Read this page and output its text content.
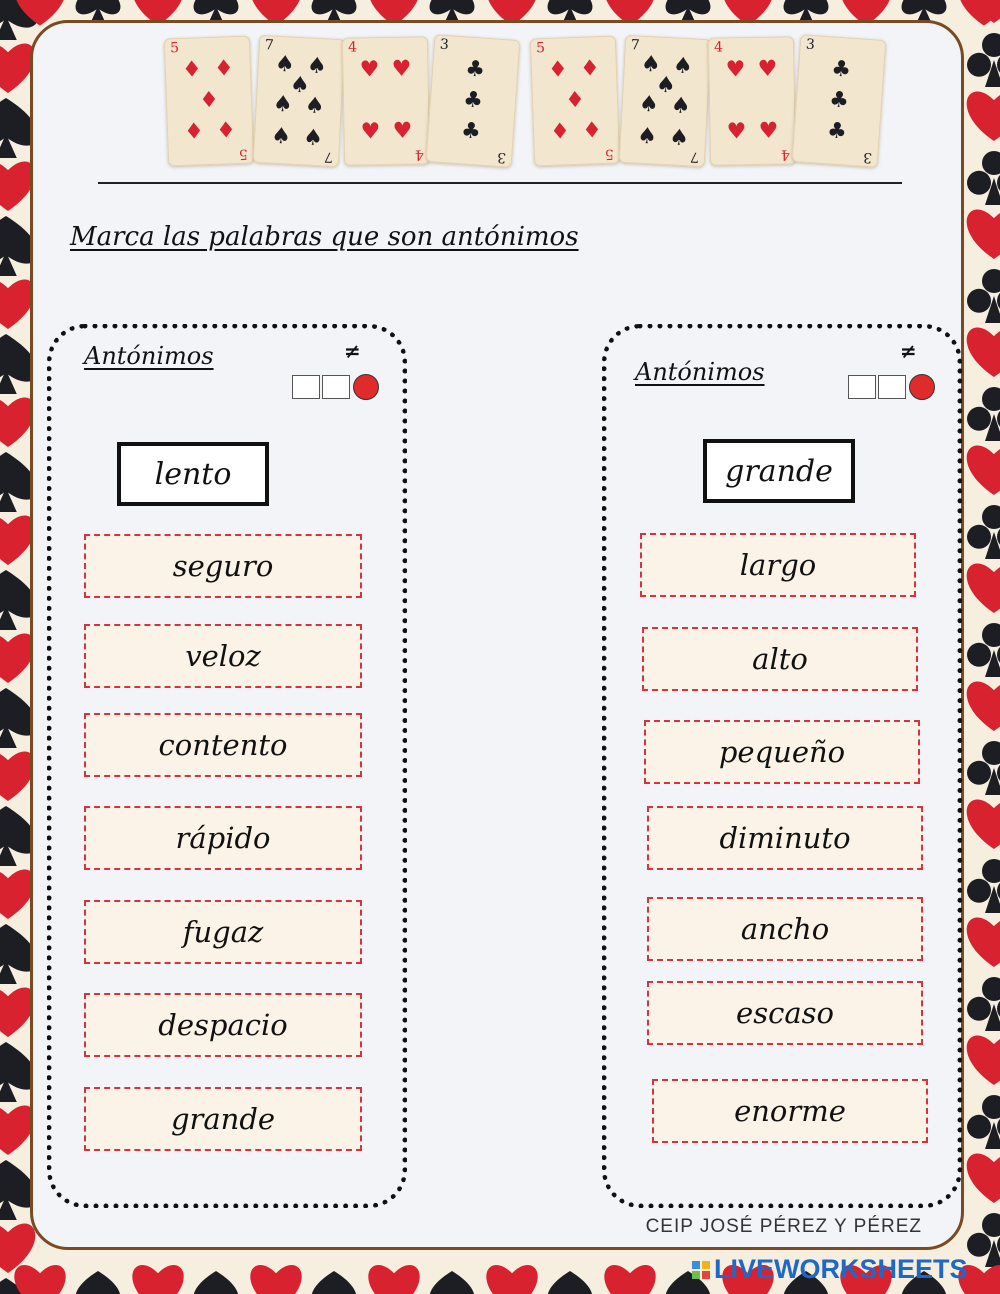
5
5
♦ ♦
♦
♦ ♦
7
7
♠ ♠
♠
♠ ♠
♠ ♠
4
4
♥ ♥
♥ ♥
3
3
♣
♣
♣
5
5
♦ ♦
♦
♦ ♦
7
7
♠ ♠
♠
♠ ♠
♠ ♠
4
4
♥ ♥
♥ ♥
3
3
♣
♣
♣
Marca las palabras que son antónimos
Antónimos	≠
lento
seguro
veloz
contento
rápido
fugaz
despacio
grande
Antónimos
≠
grande
largo
alto
pequeño
diminuto
ancho
escaso
enorme
CEIP JOSÉ PÉREZ Y PÉREZ
LIVEWORKSHEETS
